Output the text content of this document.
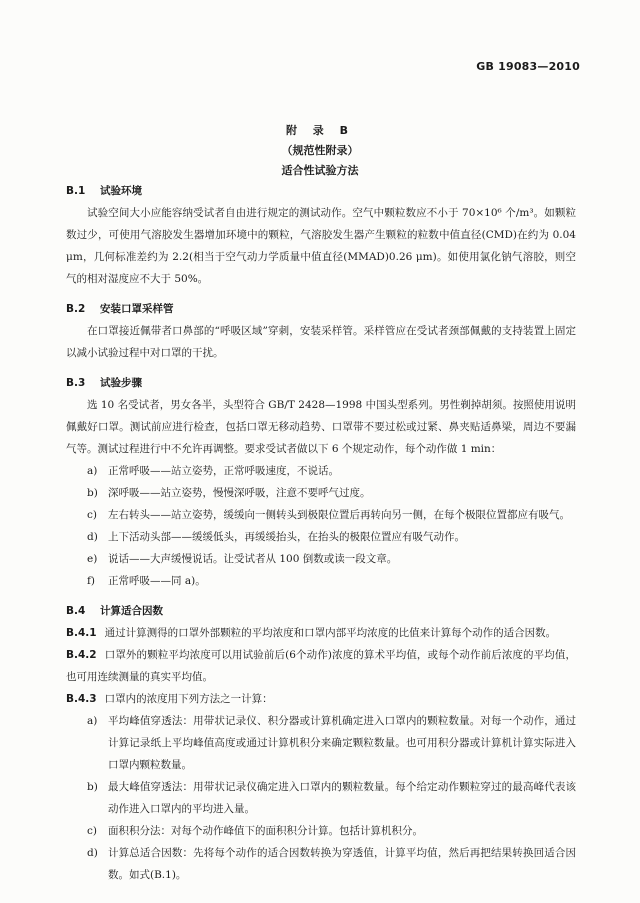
GB 19083—2010
附 录 B
（规范性附录）
适合性试验方法
B.1 试验环境

试验空间大小应能容纳受试者自由进行规定的测试动作。空气中颗粒数应不小于 70×10⁶ 个/m³。如颗粒数过少，可使用气溶胶发生器增加环境中的颗粒，气溶胶发生器产生颗粒的粒数中值直径(CMD)在约为 0.04 μm，几何标准差约为 2.2(相当于空气动力学质量中值直径(MMAD)0.26 μm)。如使用氯化钠气溶胶，则空气的相对湿度应不大于 50%。

B.2 安装口罩采样管

在口罩接近佩带者口鼻部的“呼吸区域”穿刺，安装采样管。采样管应在受试者颈部佩戴的支持装置上固定以减小试验过程中对口罩的干扰。

B.3 试验步骤

选 10 名受试者，男女各半，头型符合 GB/T 2428—1998 中国头型系列。男性剃掉胡须。按照使用说明佩戴好口罩。测试前应进行检查，包括口罩无移动趋势、口罩带不要过松或过紧、鼻夹贴适鼻梁，周边不要漏气等。测试过程进行中不允许再调整。要求受试者做以下 6 个规定动作，每个动作做 1 min：

a) 正常呼吸——站立姿势，正常呼吸速度，不说话。

b) 深呼吸——站立姿势，慢慢深呼吸，注意不要呼气过度。

c) 左右转头——站立姿势，缓缓向一侧转头到极限位置后再转向另一侧，在每个极限位置都应有吸气。

d) 上下活动头部——缓缓低头，再缓缓抬头，在抬头的极限位置应有吸气动作。

e) 说话——大声缓慢说话。让受试者从 100 倒数或读一段文章。

f) 正常呼吸——同 a)。

B.4 计算适合因数

B.4.1 通过计算测得的口罩外部颗粒的平均浓度和口罩内部平均浓度的比值来计算每个动作的适合因数。

B.4.2 口罩外的颗粒平均浓度可以用试验前后(6个动作)浓度的算术平均值，或每个动作前后浓度的平均值，也可用连续测量的真实平均值。

B.4.3 口罩内的浓度用下列方法之一计算：

a) 平均峰值穿透法：用带状记录仪、积分器或计算机确定进入口罩内的颗粒数量。对每一个动作，通过计算记录纸上平均峰值高度或通过计算机积分来确定颗粒数量。也可用积分器或计算机计算实际进入口罩内颗粒数量。

b) 最大峰值穿透法：用带状记录仪确定进入口罩内的颗粒数量。每个给定动作颗粒穿过的最高峰代表该动作进入口罩内的平均进入量。

c) 面积积分法：对每个动作峰值下的面积积分计算。包括计算机积分。

d) 计算总适合因数：先将每个动作的适合因数转换为穿透值，计算平均值，然后再把结果转换回适合因数。如式(B.1)。
